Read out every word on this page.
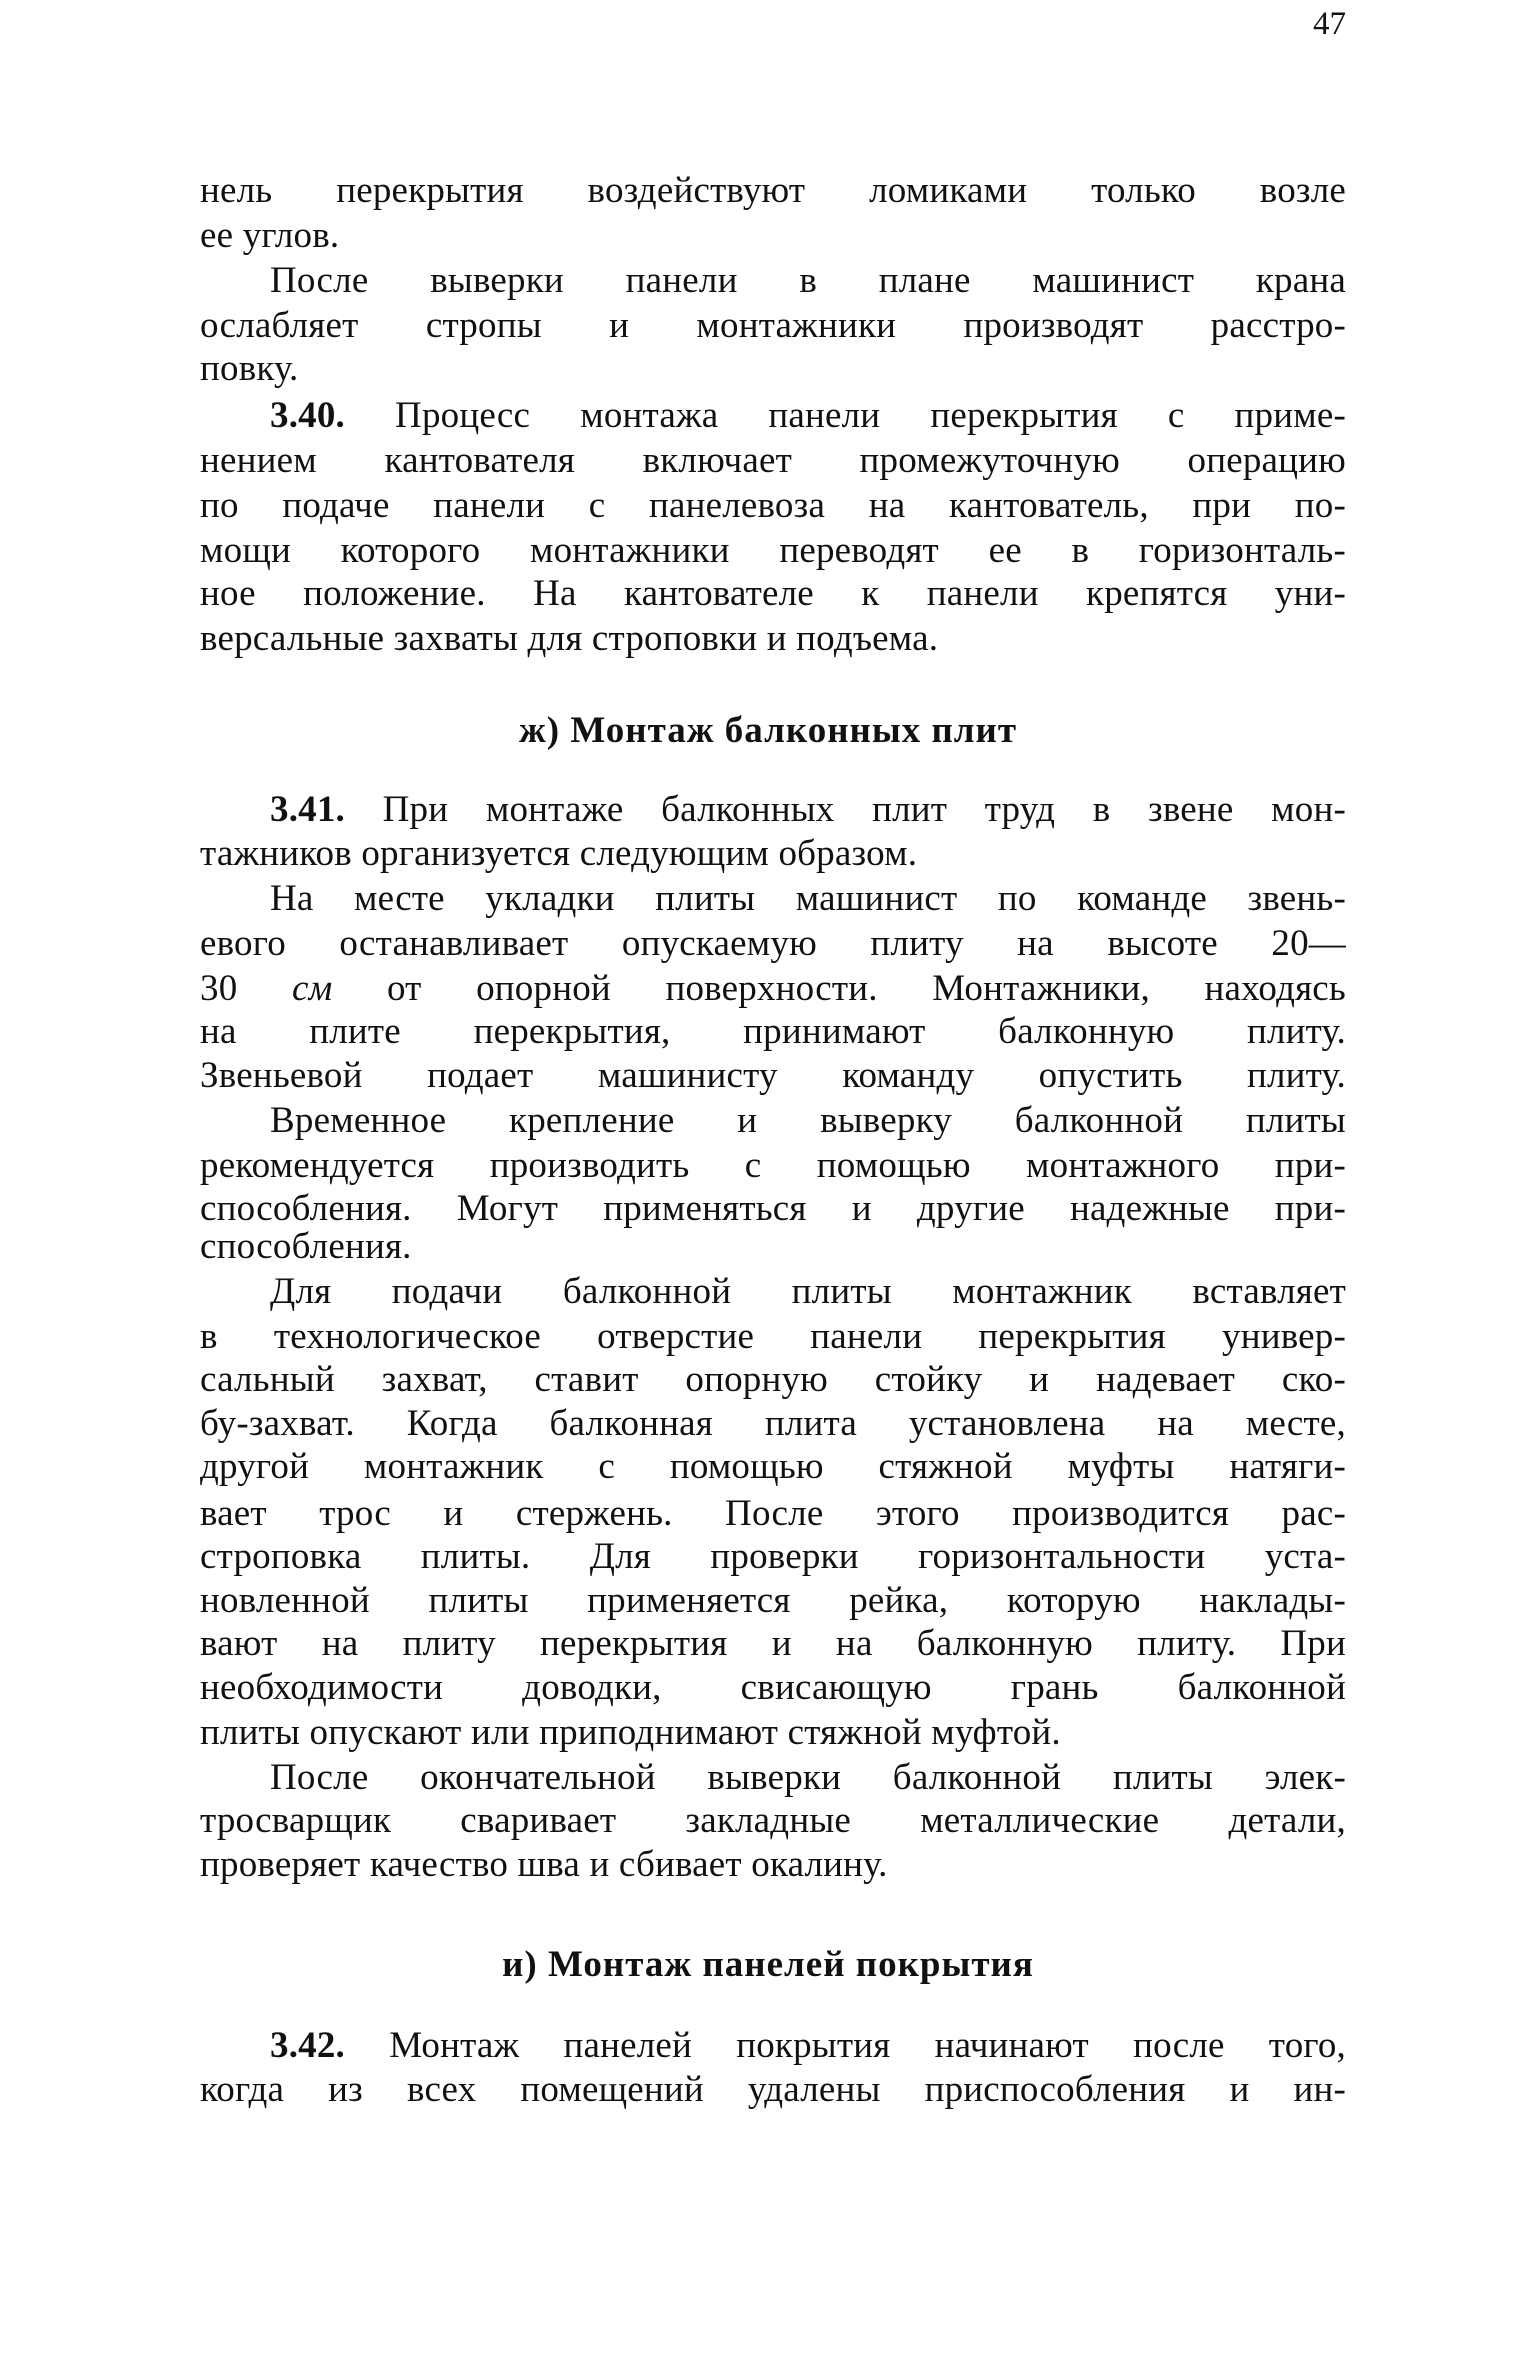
нель перекрытия воздействуют ломиками только возле
ее углов.
После выверки панели в плане машинист крана
ослабляет стропы и монтажники производят расстро-
повку.
3.40. Процесс монтажа панели перекрытия с приме-
нением кантователя включает промежуточную операцию
по подаче панели с панелевоза на кантователь, при по-
мощи которого монтажники переводят ее в горизонталь-
ное положение. На кантователе к панели крепятся уни-
версальные захваты для строповки и подъема.
ж) Монтаж балконных плит
3.41. При монтаже балконных плит труд в звене мон-
тажников организуется следующим образом.
На месте укладки плиты машинист по команде звень-
евого останавливает опускаемую плиту на высоте 20—
30 см от опорной поверхности. Монтажники, находясь
на плите перекрытия, принимают балконную плиту.
Звеньевой подает машинисту команду опустить плиту.
Временное крепление и выверку балконной плиты
рекомендуется производить с помощью монтажного при-
способления. Могут применяться и другие надежные при-
способления.
Для подачи балконной плиты монтажник вставляет
в технологическое отверстие панели перекрытия универ-
сальный захват, ставит опорную стойку и надевает ско-
бу-захват. Когда балконная плита установлена на месте,
другой монтажник с помощью стяжной муфты натяги-
вает трос и стержень. После этого производится рас-
строповка плиты. Для проверки горизонтальности уста-
новленной плиты применяется рейка, которую наклады-
вают на плиту перекрытия и на балконную плиту. При
необходимости доводки, свисающую грань балконной
плиты опускают или приподнимают стяжной муфтой.
После окончательной выверки балконной плиты элек-
тросварщик сваривает закладные металлические детали,
проверяет качество шва и сбивает окалину.
и) Монтаж панелей покрытия
3.42. Монтаж панелей покрытия начинают после того,
когда из всех помещений удалены приспособления и ин-
47
